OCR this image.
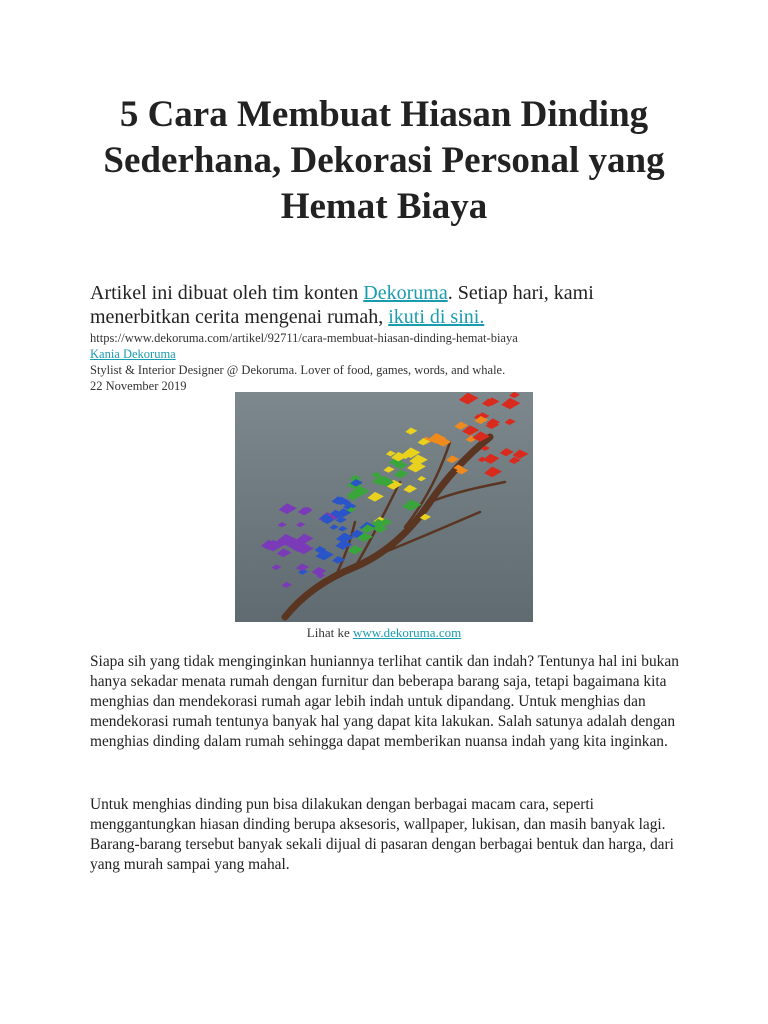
5 Cara Membuat Hiasan Dinding Sederhana, Dekorasi Personal yang Hemat Biaya

Artikel ini dibuat oleh tim konten Dekoruma. Setiap hari, kami menerbitkan cerita mengenai rumah, ikuti di sini.

https://www.dekoruma.com/artikel/92711/cara-membuat-hiasan-dinding-hemat-biaya
Kania Dekoruma
Stylist & Interior Designer @ Dekoruma. Lover of food, games, words, and whale.
22 November 2019
Lihat ke www.dekoruma.com

Siapa sih yang tidak menginginkan huniannya terlihat cantik dan indah? Tentunya hal ini bukan hanya sekadar menata rumah dengan furnitur dan beberapa barang saja, tetapi bagaimana kita menghias dan mendekorasi rumah agar lebih indah untuk dipandang. Untuk menghias dan mendekorasi rumah tentunya banyak hal yang dapat kita lakukan. Salah satunya adalah dengan menghias dinding dalam rumah sehingga dapat memberikan nuansa indah yang kita inginkan.

Untuk menghias dinding pun bisa dilakukan dengan berbagai macam cara, seperti menggantungkan hiasan dinding berupa aksesoris, wallpaper, lukisan, dan masih banyak lagi. Barang-barang tersebut banyak sekali dijual di pasaran dengan berbagai bentuk dan harga, dari yang murah sampai yang mahal.
